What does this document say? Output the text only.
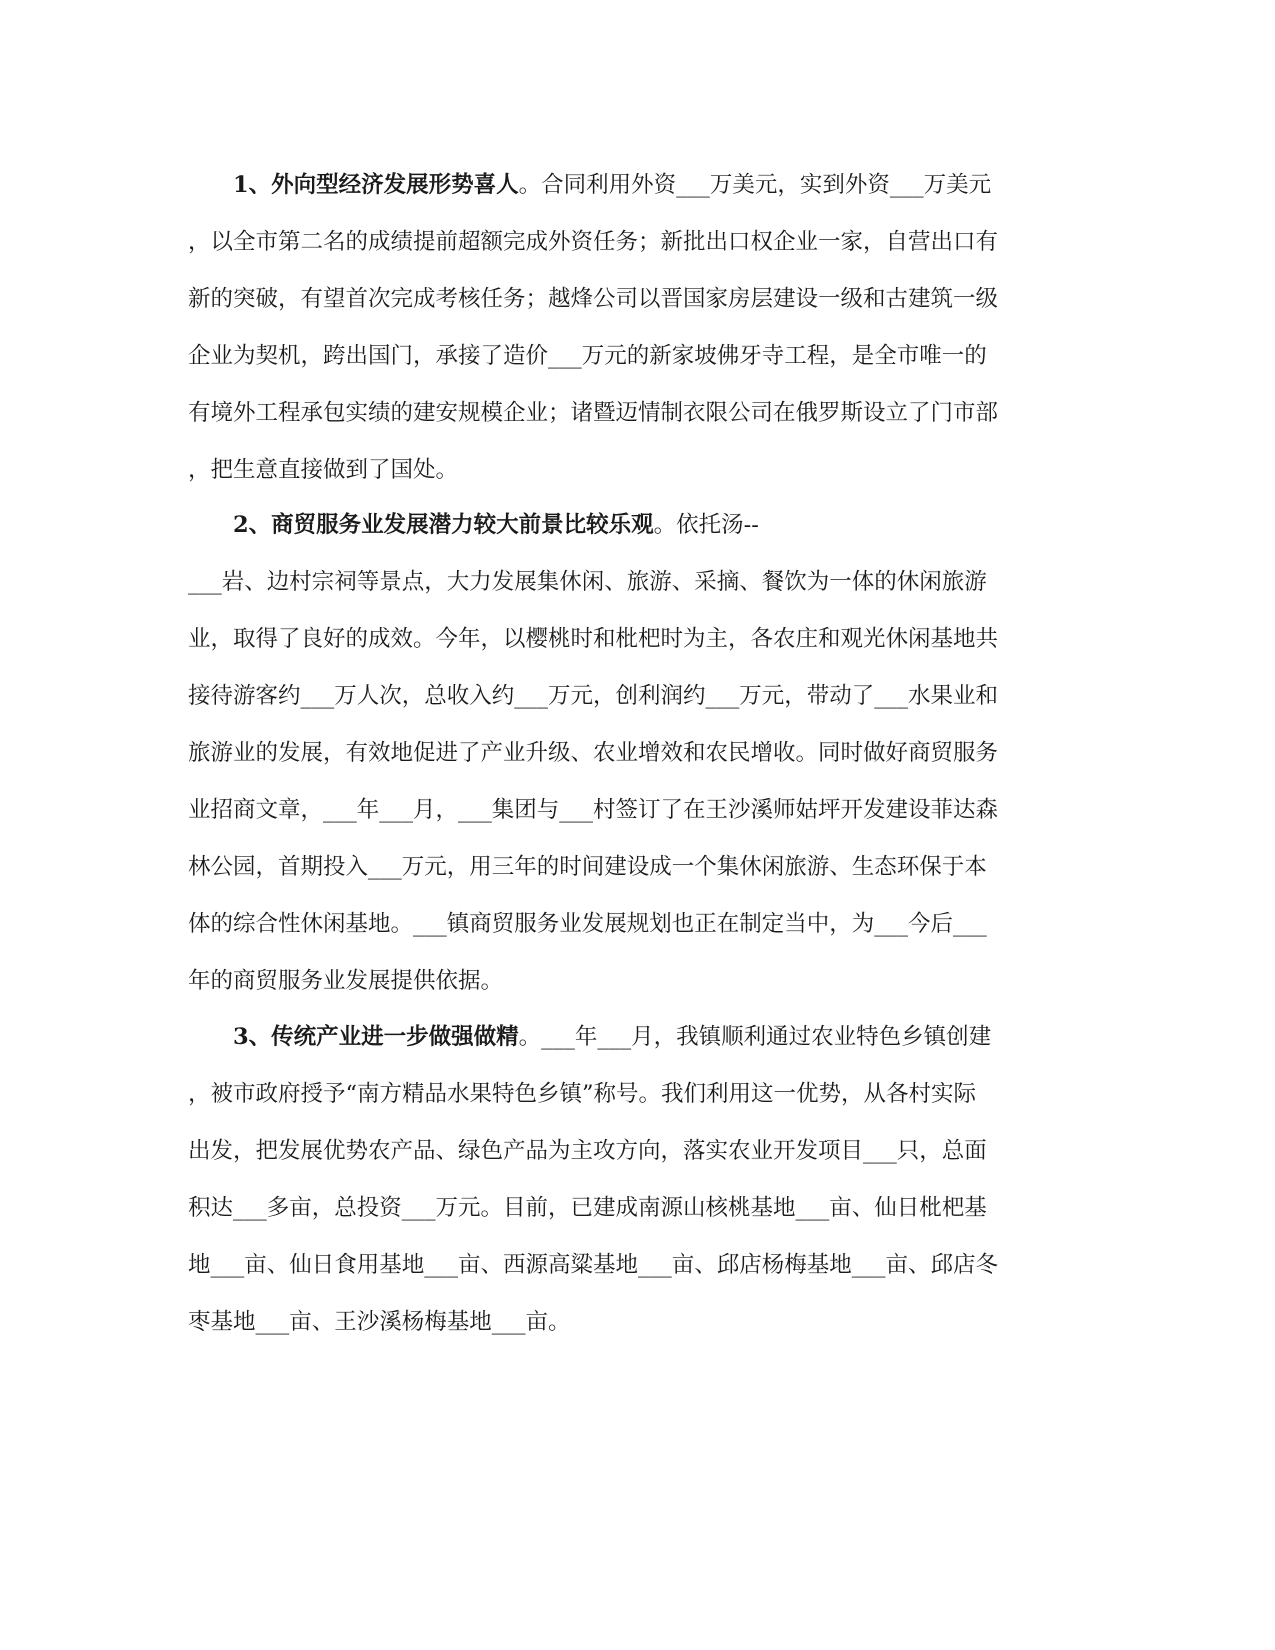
1、外向型经济发展形势喜人。合同利用外资___万美元，实到外资___万美元
，以全市第二名的成绩提前超额完成外资任务；新批出口权企业一家，自营出口有
新的突破，有望首次完成考核任务；越烽公司以晋国家房层建设一级和古建筑一级
企业为契机，跨出国门，承接了造价___万元的新家坡佛牙寺工程，是全市唯一的
有境外工程承包实绩的建安规模企业；诸暨迈情制衣限公司在俄罗斯设立了门市部
，把生意直接做到了国处。
2、商贸服务业发展潜力较大前景比较乐观。依托汤--
___岩、边村宗祠等景点，大力发展集休闲、旅游、采摘、餐饮为一体的休闲旅游
业，取得了良好的成效。今年，以樱桃时和枇杷时为主，各农庄和观光休闲基地共
接待游客约___万人次，总收入约___万元，创利润约___万元，带动了___水果业和
旅游业的发展，有效地促进了产业升级、农业增效和农民增收。同时做好商贸服务
业招商文章，___年___月，___集团与___村签订了在王沙溪师姑坪开发建设菲达森
林公园，首期投入___万元，用三年的时间建设成一个集休闲旅游、生态环保于本
体的综合性休闲基地。___镇商贸服务业发展规划也正在制定当中，为___今后___
年的商贸服务业发展提供依据。
3、传统产业进一步做强做精。___年___月，我镇顺利通过农业特色乡镇创建
，被市政府授予“南方精品水果特色乡镇”称号。我们利用这一优势，从各村实际
出发，把发展优势农产品、绿色产品为主攻方向，落实农业开发项目___只，总面
积达___多亩，总投资___万元。目前，已建成南源山核桃基地___亩、仙日枇杷基
地___亩、仙日食用基地___亩、西源高粱基地___亩、邱店杨梅基地___亩、邱店冬
枣基地___亩、王沙溪杨梅基地___亩。
